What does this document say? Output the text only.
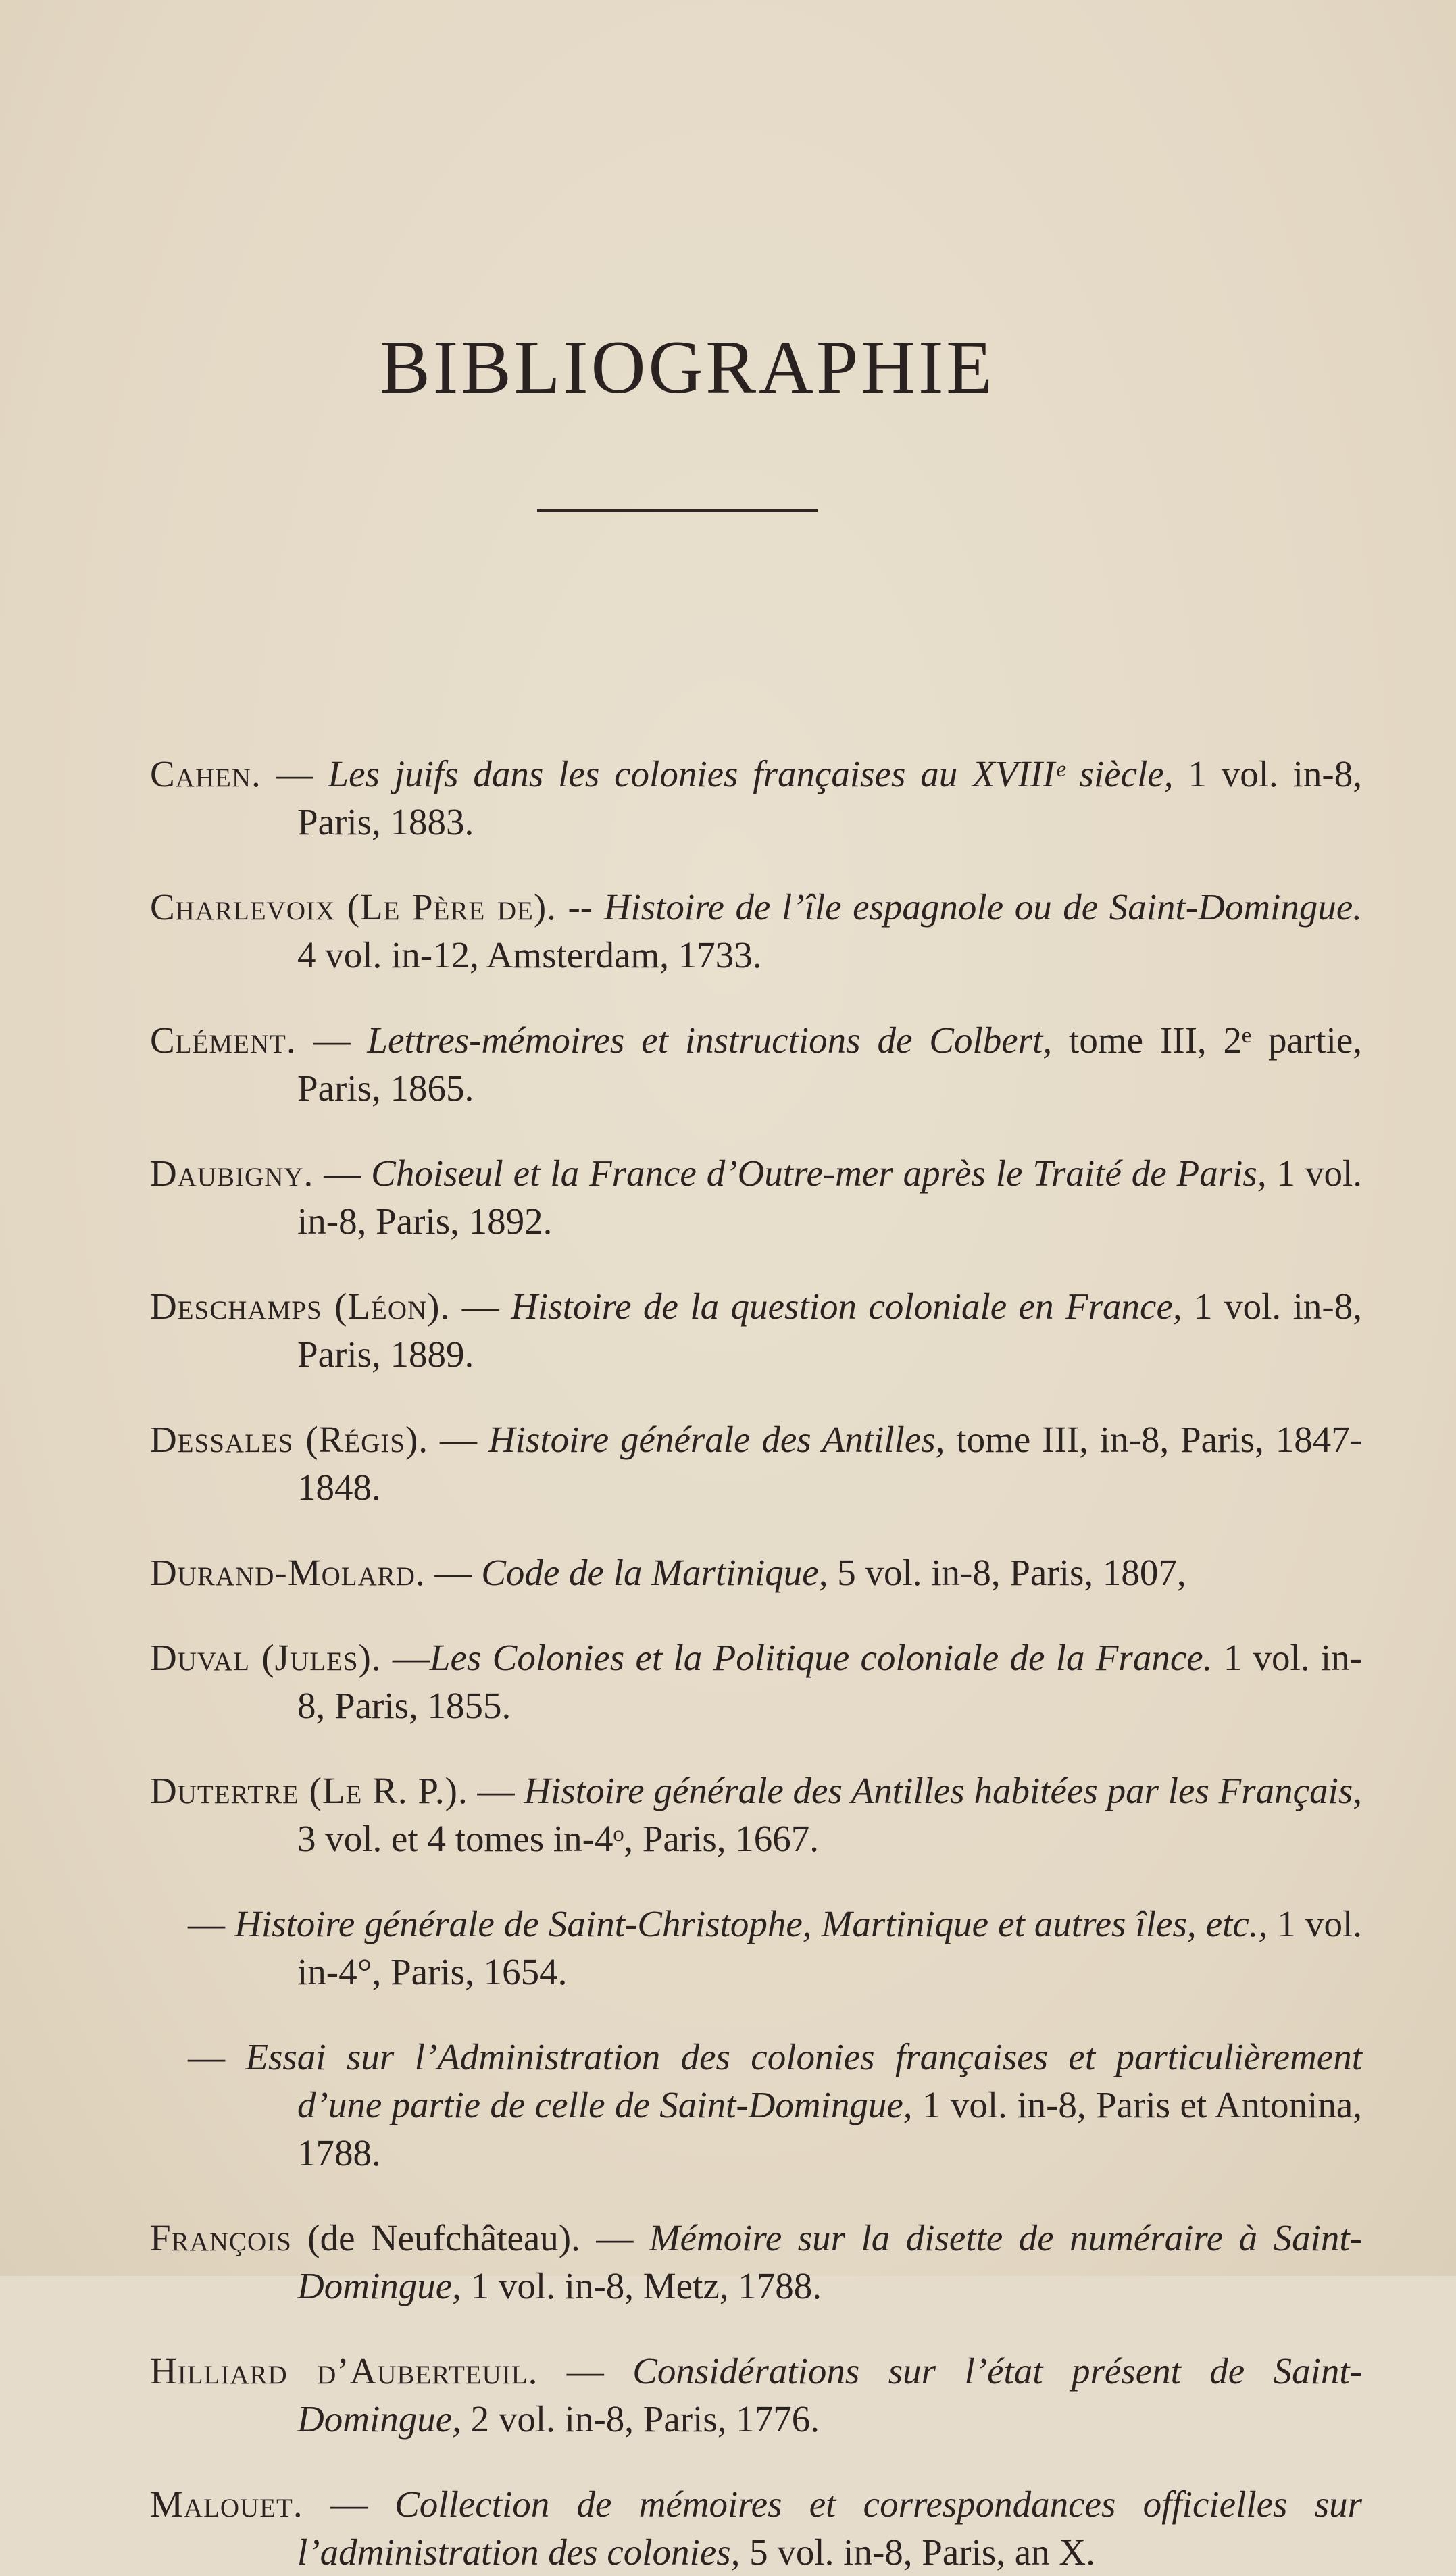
BIBLIOGRAPHIE

Cahen. — Les juifs dans les colonies françaises au XVIIIᵉ siècle, 1 vol. in-8, Paris, 1883.

Charlevoix (Le Père de). -- Histoire de l’île espagnole ou de Saint-Domingue. 4 vol. in-12, Amsterdam, 1733.

Clément. — Lettres-mémoires et instructions de Colbert, tome III, 2ᵉ partie, Paris, 1865.

Daubigny. — Choiseul et la France d’Outre-mer après le Traité de Paris, 1 vol. in-8, Paris, 1892.

Deschamps (Léon). — Histoire de la question coloniale en France, 1 vol. in-8, Paris, 1889.

Dessales (Régis). — Histoire générale des Antilles, tome III, in-8, Paris, 1847-1848.

Durand-Molard. — Code de la Martinique, 5 vol. in-8, Paris, 1807,

Duval (Jules). —Les Colonies et la Politique coloniale de la France. 1 vol. in-8, Paris, 1855.

Dutertre (Le R. P.). — Histoire générale des Antilles habitées par les Français, 3 vol. et 4 tomes in-4ᵒ, Paris, 1667.

— Histoire générale de Saint-Christophe, Martinique et autres îles, etc., 1 vol. in-4°, Paris, 1654.

— Essai sur l’Administration des colonies françaises et particulièrement d’une partie de celle de Saint-Domingue, 1 vol. in-8, Paris et Antonina, 1788.

François (de Neufchâteau). — Mémoire sur la disette de numéraire à Saint-Domingue, 1 vol. in-8, Metz, 1788.

Hilliard d’Auberteuil. — Considérations sur l’état présent de Saint-Domingue, 2 vol. in-8, Paris, 1776.

Malouet. — Collection de mémoires et correspondances officielles sur l’administration des colonies, 5 vol. in-8, Paris, an X.
